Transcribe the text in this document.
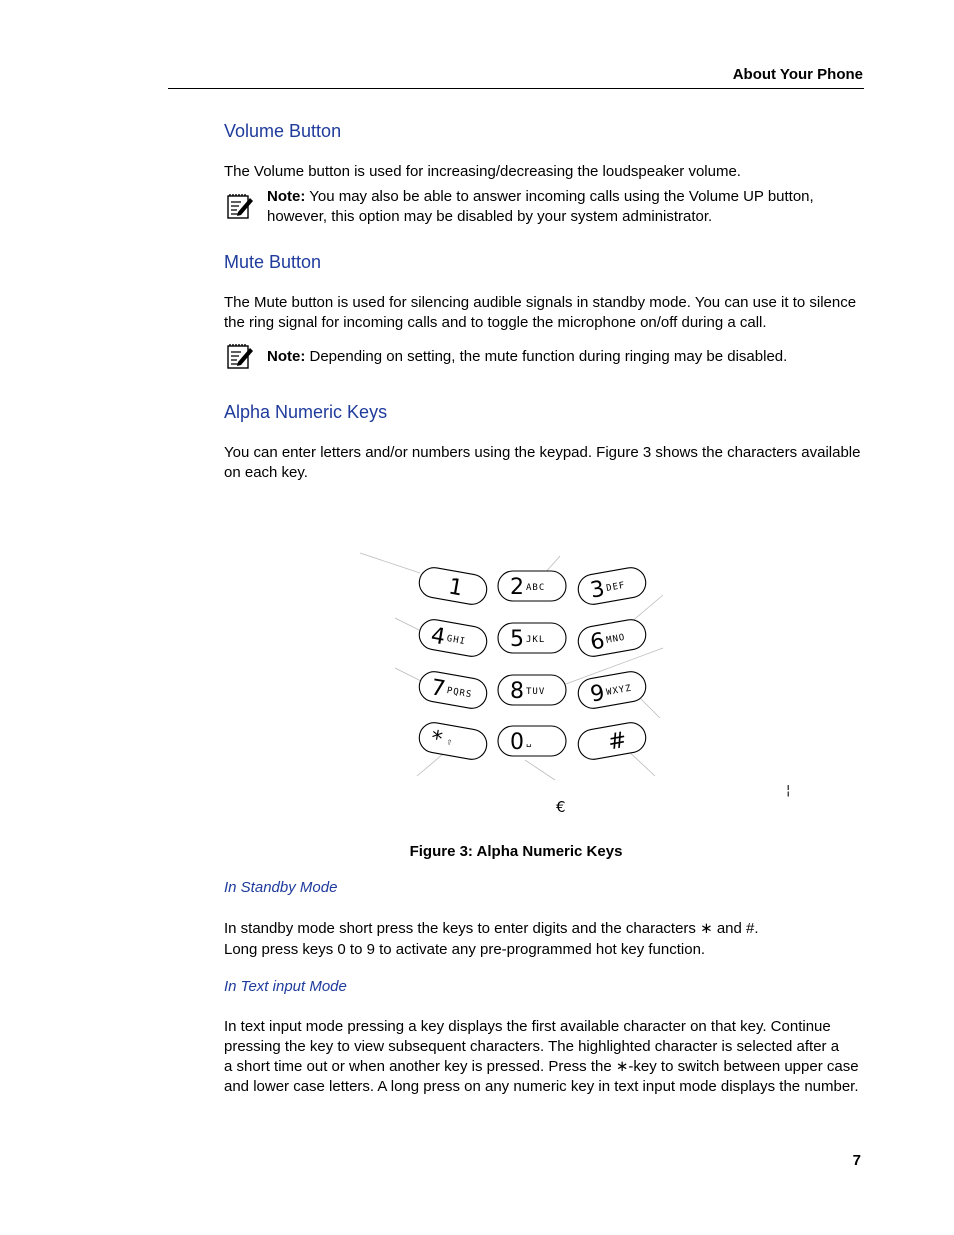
About Your Phone
Volume Button
The Volume button is used for increasing/decreasing the loudspeaker volume.
Note: You may also be able to answer incoming calls using the Volume UP button,
however, this option may be disabled by your system administrator.
Mute Button
The Mute button is used for silencing audible signals in standby mode. You can use it to silence
the ring signal for incoming calls and to toggle the microphone on/off during a call.
Note: Depending on setting, the mute function during ringing may be disabled.
Alpha Numeric Keys
You can enter letters and/or numbers using the keypad. Figure 3 shows the characters available
on each key.
1 2 ABC 3 DEF
4
GHI 5 JKL 6 MNO
7
PQRS 8 TUV 9 WXYZ
* ⇧	0 ␣	#
€
¦
Figure 3: Alpha Numeric Keys
In Standby Mode
In standby mode short press the keys to enter digits and the characters ∗ and #.
Long press keys 0 to 9 to activate any pre-programmed hot key function.
In Text input Mode
In text input mode pressing a key displays the first available character on that key. Continue
pressing the key to view subsequent characters. The highlighted character is selected after a
a short time out or when another key is pressed. Press the ∗-key to switch between upper case
and lower case letters. A long press on any numeric key in text input mode displays the number.
7
